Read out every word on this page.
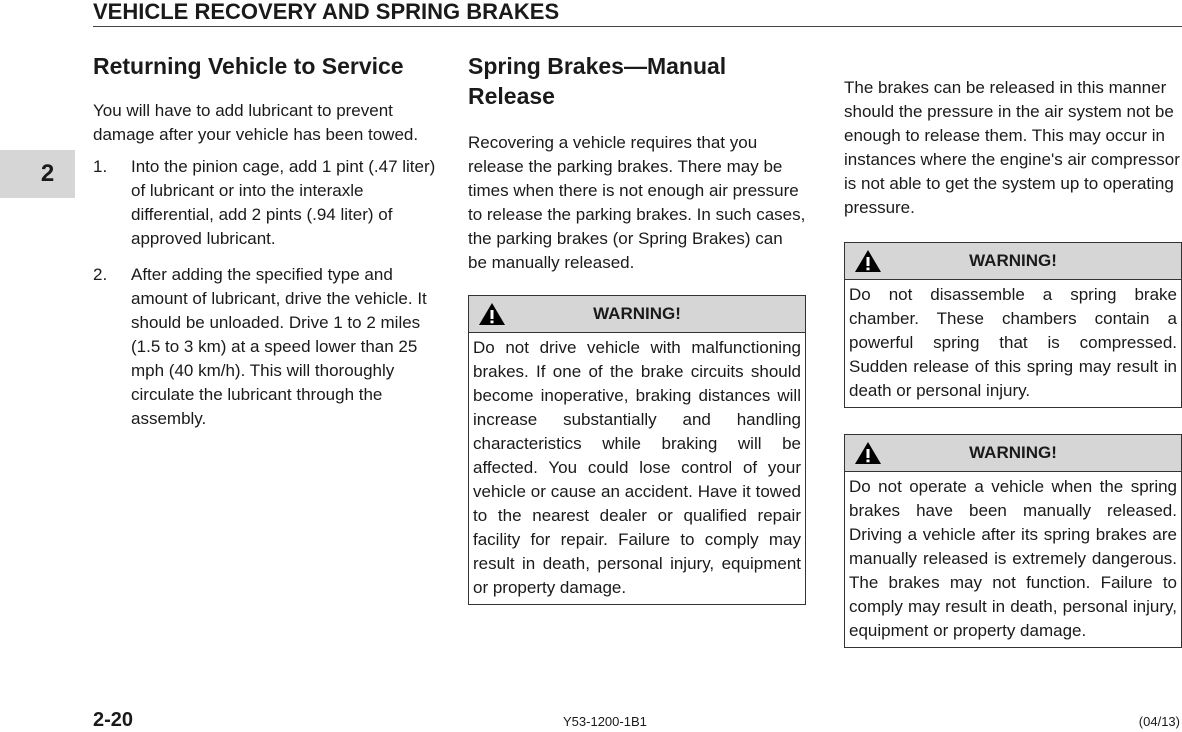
VEHICLE RECOVERY AND SPRING BRAKES
2
Returning Vehicle to Service

You will have to add lubricant to prevent damage after your vehicle has been towed.

1.	Into the pinion cage, add 1 pint (.47 liter) of lubricant or into the interaxle differential, add 2 pints (.94 liter) of approved lubricant.
2.	After adding the specified type and amount of lubricant, drive the vehicle. It should be unloaded. Drive 1 to 2 miles (1.5 to 3 km) at a speed lower than 25 mph (40 km/h). This will thoroughly circulate the lubricant through the assembly.
Spring Brakes—Manual Release

Recovering a vehicle requires that you release the parking brakes. There may be times when there is not enough air pressure to release the parking brakes. In such cases, the parking brakes (or Spring Brakes) can be manually released.

WARNING!
Do not drive vehicle with malfunctioning brakes. If one of the brake circuits should become inoperative, braking distances will increase substantially and handling characteristics while braking will be affected. You could lose control of your vehicle or cause an accident. Have it towed to the nearest dealer or qualified repair facility for repair. Failure to comply may result in death, personal injury, equipment or property damage.

The brakes can be released in this manner should the pressure in the air system not be enough to release them. This may occur in instances where the engine's air compressor is not able to get the system up to operating pressure.

WARNING!
Do not disassemble a spring brake chamber. These chambers contain a powerful spring that is compressed. Sudden release of this spring may result in death or personal injury.
WARNING!
Do not operate a vehicle when the spring brakes have been manually released. Driving a vehicle after its spring brakes are manually released is extremely dangerous. The brakes may not function. Failure to comply may result in death, personal injury, equipment or property damage.
2-20	Y53-1200-1B1	(04/13)
